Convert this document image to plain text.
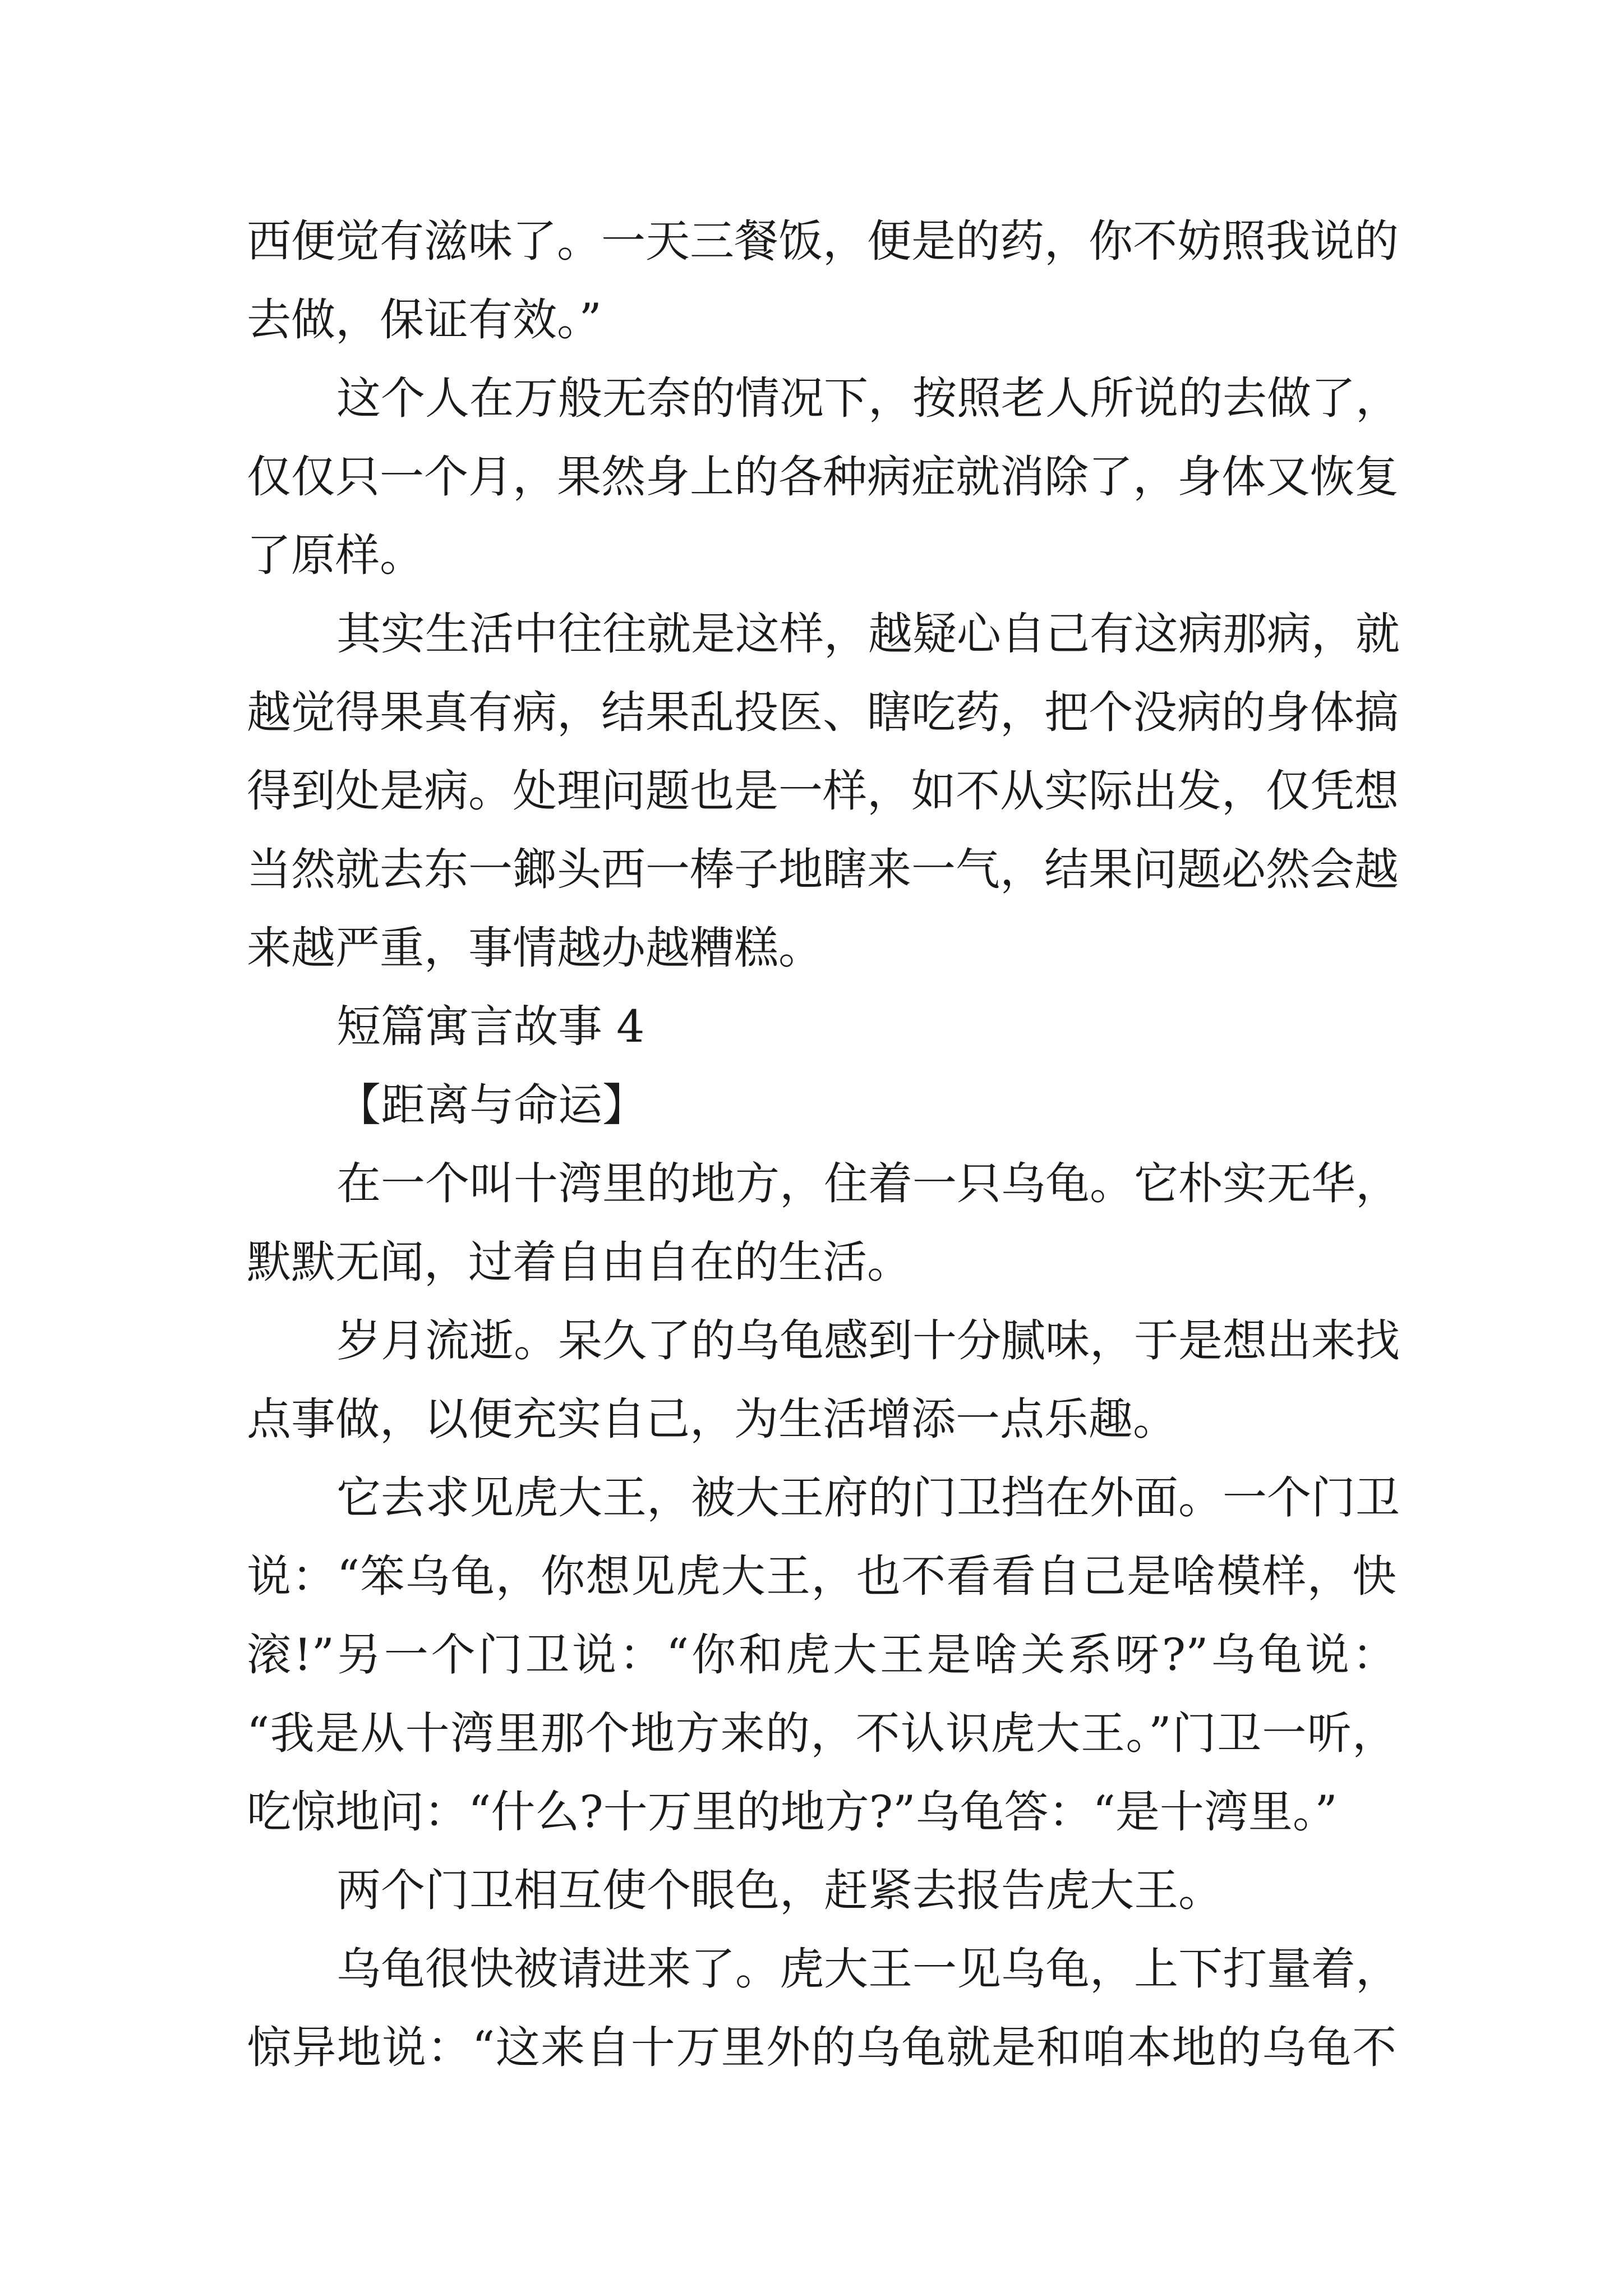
西便觉有滋味了。一天三餐饭，便是的药，你不妨照我说的
去做，保证有效。”
这个人在万般无奈的情况下，按照老人所说的去做了，
仅仅只一个月，果然身上的各种病症就消除了，身体又恢复
了原样。
其实生活中往往就是这样，越疑心自己有这病那病，就
越觉得果真有病，结果乱投医、瞎吃药，把个没病的身体搞
得到处是病。处理问题也是一样，如不从实际出发，仅凭想
当然就去东一鎯头西一棒子地瞎来一气，结果问题必然会越
来越严重，事情越办越糟糕。
短篇寓言故事 4
【距离与命运】
在一个叫十湾里的地方，住着一只乌龟。它朴实无华，
默默无闻，过着自由自在的生活。
岁月流逝。呆久了的乌龟感到十分腻味，于是想出来找
点事做，以便充实自己，为生活增添一点乐趣。
它去求见虎大王，被大王府的门卫挡在外面。一个门卫
说：“笨乌龟，你想见虎大王，也不看看自己是啥模样，快
滚!”另一个门卫说：“你和虎大王是啥关系呀?”乌龟说：
“我是从十湾里那个地方来的，不认识虎大王。”门卫一听，
吃惊地问：“什么?十万里的地方?”乌龟答：“是十湾里。”
两个门卫相互使个眼色，赶紧去报告虎大王。
乌龟很快被请进来了。虎大王一见乌龟，上下打量着，
惊异地说：“这来自十万里外的乌龟就是和咱本地的乌龟不
